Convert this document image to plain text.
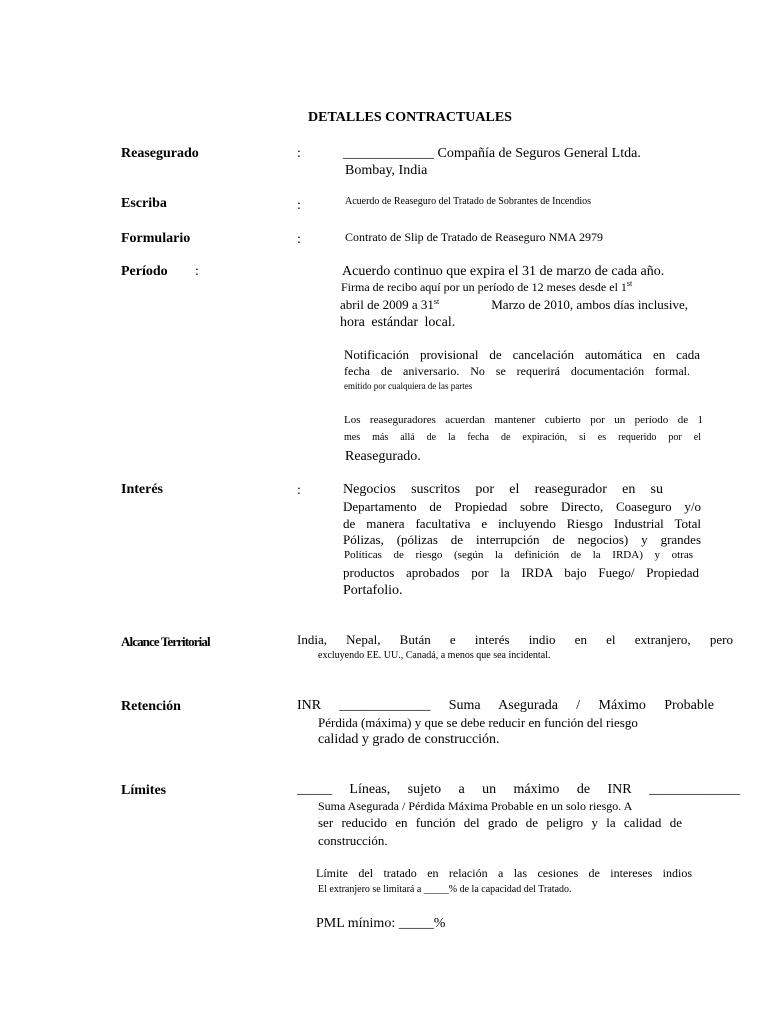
DETALLES CONTRACTUALES
Reasegurado	:	_____________ Compañía de Seguros General Ltda.
Bombay, India
Escriba	:	Acuerdo de Reaseguro del Tratado de Sobrantes de Incendios
Formulario	:	Contrato de Slip de Tratado de Reaseguro NMA 2979
Período :	Acuerdo continuo que expira el 31 de marzo de cada año.
Firma de recibo aquí por un período de 12 meses desde el 1st
abril de 2009 a 31st	Marzo de 2010, ambos días inclusive,
hora estándar local.
Notificación provisional de cancelación automática en cada
fecha de aniversario. No se requerirá documentación formal.
emitido por cualquiera de las partes
Los reaseguradores acuerdan mantener cubierto por un período de 1
mes más allá de la fecha de expiración, si es requerido por el
Reasegurado.
Interés	:	Negocios suscritos por el reasegurador en su
Departamento de Propiedad sobre Directo, Coaseguro y/o
de manera facultativa e incluyendo Riesgo Industrial Total
Pólizas, (pólizas de interrupción de negocios) y grandes
Políticas de riesgo (según la definición de la IRDA) y otras
productos aprobados por la IRDA bajo Fuego/ Propiedad
Portafolio.
Alcance Territorial	India, Nepal, Bután e interés indio en el extranjero, pero
excluyendo EE. UU., Canadá, a menos que sea incidental.
Retención	INR _____________ Suma Asegurada / Máximo Probable
Pérdida (máxima) y que se debe reducir en función del riesgo
calidad y grado de construcción.
Límites	_____ Líneas, sujeto a un máximo de INR _____________
Suma Asegurada / Pérdida Máxima Probable en un solo riesgo. A
ser reducido en función del grado de peligro y la calidad de
construcción.
Límite del tratado en relación a las cesiones de intereses indios
El extranjero se limitará a _____% de la capacidad del Tratado.
PML mínimo: _____%
